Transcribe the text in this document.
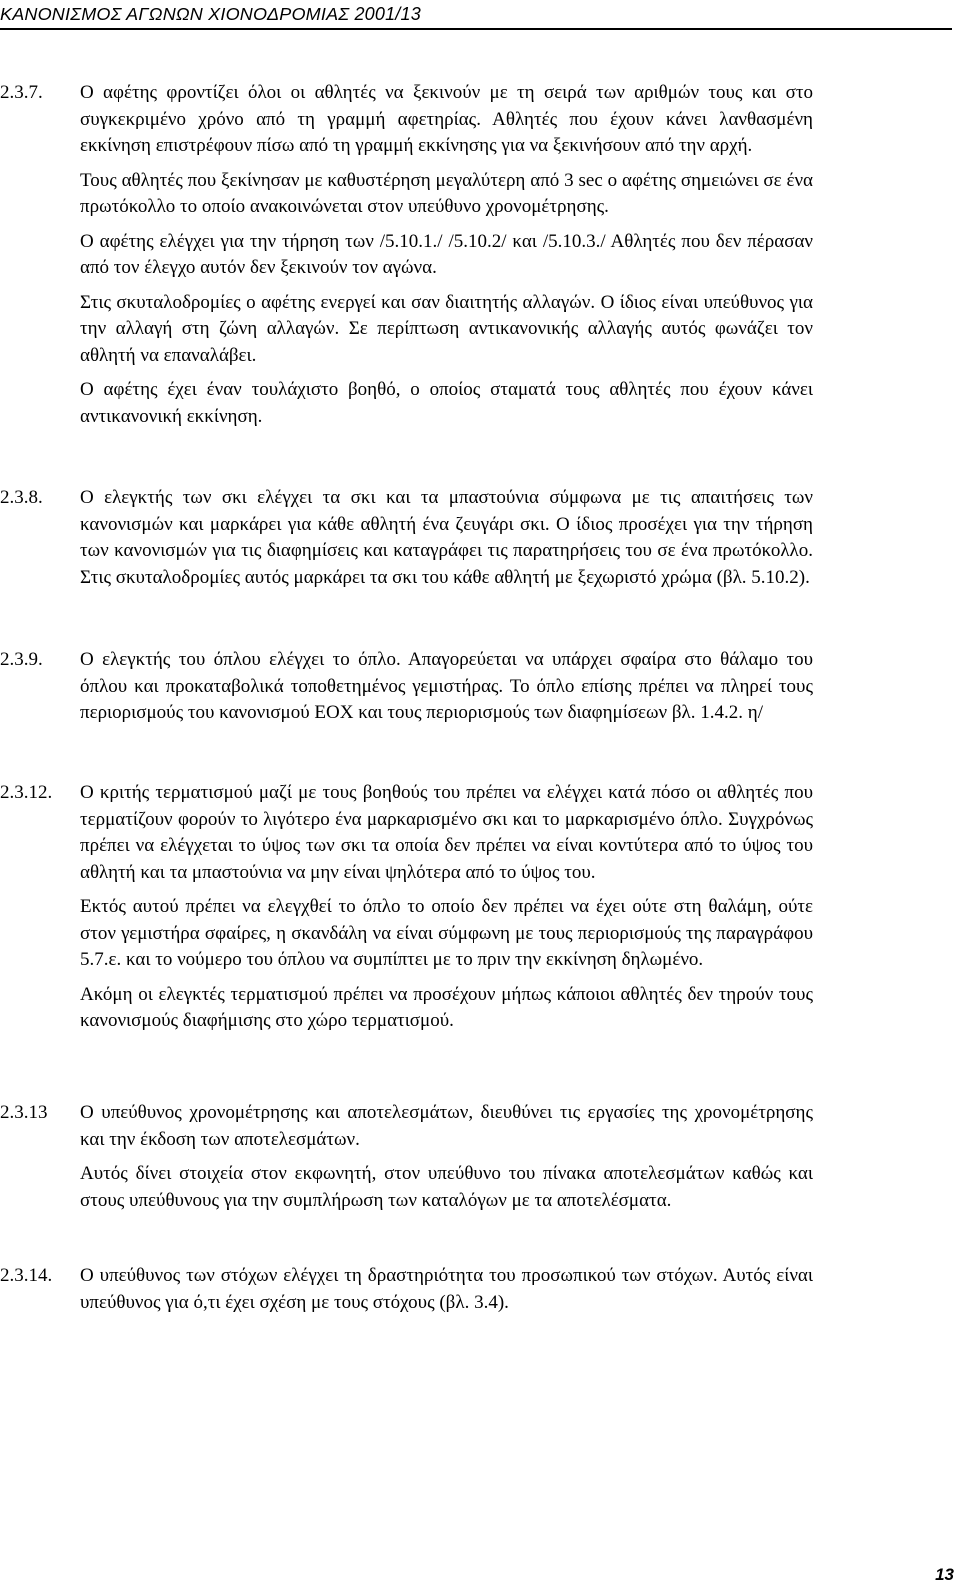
ΚΑΝΟΝΙΣΜΟΣ ΑΓΩΝΩΝ ΧΙΟΝΟΔΡΟΜΙΑΣ 2001/13
2.3.7. Ο αφέτης φροντίζει όλοι οι αθλητές να ξεκινούν με τη σειρά των αριθμών τους και στο συγκεκριμένο χρόνο από τη γραμμή αφετηρίας. Αθλητές που έχουν κάνει λανθασμένη εκκίνηση επιστρέφουν πίσω από τη γραμμή εκκίνησης για να ξεκινήσουν από την αρχή.

Τους αθλητές που ξεκίνησαν με καθυστέρηση μεγαλύτερη από 3 sec ο αφέτης σημειώνει σε ένα πρωτόκολλο το οποίο ανακοινώνεται στον υπεύθυνο χρονομέτρησης.

Ο αφέτης ελέγχει για την τήρηση των /5.10.1./ /5.10.2/ και /5.10.3./ Αθλητές που δεν πέρασαν από τον έλεγχο αυτόν δεν ξεκινούν τον αγώνα.

Στις σκυταλοδρομίες ο αφέτης ενεργεί και σαν διαιτητής αλλαγών. Ο ίδιος είναι υπεύθυνος για την αλλαγή στη ζώνη αλλαγών. Σε περίπτωση αντικανονικής αλλαγής αυτός φωνάζει τον αθλητή να επαναλάβει.

Ο αφέτης έχει έναν τουλάχιστο βοηθό, ο οποίος σταματά τους αθλητές που έχουν κάνει αντικανονική εκκίνηση.

2.3.8. Ο ελεγκτής των σκι ελέγχει τα σκι και τα μπαστούνια σύμφωνα με τις απαιτήσεις των κανονισμών και μαρκάρει για κάθε αθλητή ένα ζευγάρι σκι. Ο ίδιος προσέχει για την τήρηση των κανονισμών για τις διαφημίσεις και καταγράφει τις παρατηρήσεις του σε ένα πρωτόκολλο. Στις σκυταλοδρομίες αυτός μαρκάρει τα σκι του κάθε αθλητή με ξεχωριστό χρώμα (βλ. 5.10.2).

2.3.9. Ο ελεγκτής του όπλου ελέγχει το όπλο. Απαγορεύεται να υπάρχει σφαίρα στο θάλαμο του όπλου και προκαταβολικά τοποθετημένος γεμιστήρας. Το όπλο επίσης πρέπει να πληρεί τους περιορισμούς του κανονισμού ΕΟΧ και τους περιορισμούς των διαφημίσεων βλ. 1.4.2. η/

2.3.12. Ο κριτής τερματισμού μαζί με τους βοηθούς του πρέπει να ελέγχει κατά πόσο οι αθλητές που τερματίζουν φορούν το λιγότερο ένα μαρκαρισμένο σκι και το μαρκαρισμένο όπλο. Συγχρόνως πρέπει να ελέγχεται το ύψος των σκι τα οποία δεν πρέπει να είναι κοντύτερα από το ύψος του αθλητή και τα μπαστούνια να μην είναι ψηλότερα από το ύψος του.

Εκτός αυτού πρέπει να ελεγχθεί το όπλο το οποίο δεν πρέπει να έχει ούτε στη θαλάμη, ούτε στον γεμιστήρα σφαίρες, η σκανδάλη να είναι σύμφωνη με τους περιορισμούς της παραγράφου 5.7.ε. και το νούμερο του όπλου να συμπίπτει με το πριν την εκκίνηση δηλωμένο.

Ακόμη οι ελεγκτές τερματισμού πρέπει να προσέχουν μήπως κάποιοι αθλητές δεν τηρούν τους κανονισμούς διαφήμισης στο χώρο τερματισμού.

2.3.13 Ο υπεύθυνος χρονομέτρησης και αποτελεσμάτων, διευθύνει τις εργασίες της χρονομέτρησης και την έκδοση των αποτελεσμάτων.

Αυτός δίνει στοιχεία στον εκφωνητή, στον υπεύθυνο του πίνακα αποτελεσμάτων καθώς και στους υπεύθυνους για την συμπλήρωση των καταλόγων με τα αποτελέσματα.

2.3.14. Ο υπεύθυνος των στόχων ελέγχει τη δραστηριότητα του προσωπικού των στόχων. Αυτός είναι υπεύθυνος για ό,τι έχει σχέση με τους στόχους (βλ. 3.4).

13
